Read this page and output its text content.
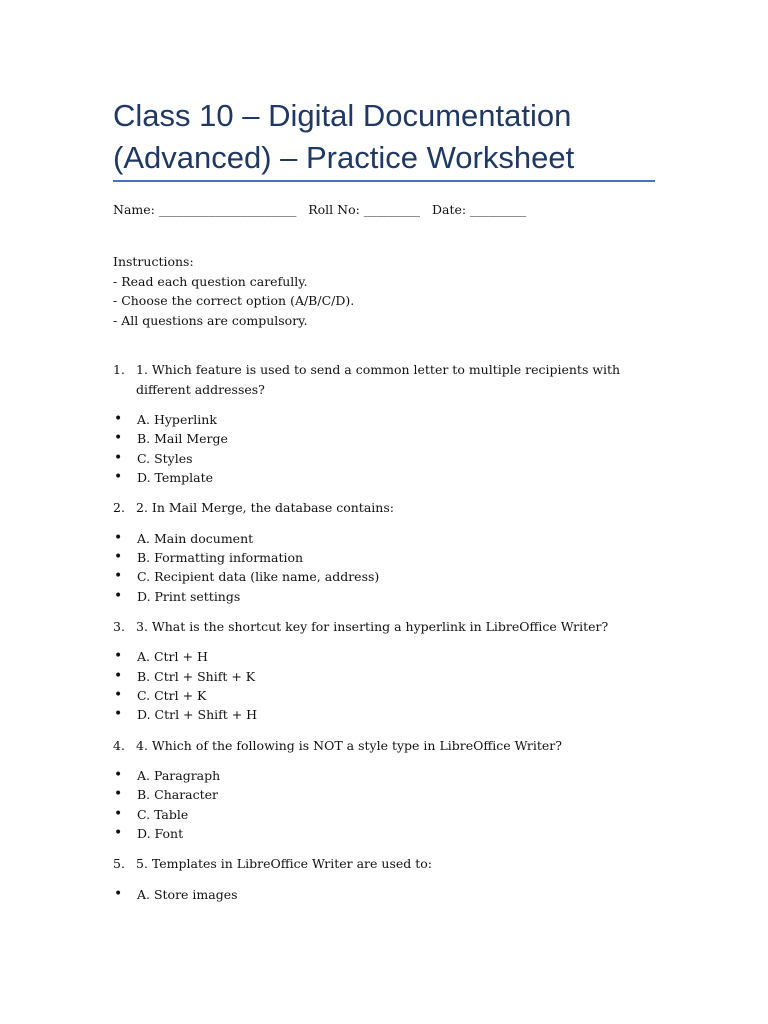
Class 10 – Digital Documentation
(Advanced) – Practice Worksheet
Name: ______________________   Roll No: _________   Date: _________
Instructions:
- Read each question carefully.
- Choose the correct option (A/B/C/D).
- All questions are compulsory.
1. 1. Which feature is used to send a common letter to multiple recipients with different addresses?
•	A. Hyperlink
•	B. Mail Merge
•	C. Styles
•	D. Template
2. 2. In Mail Merge, the database contains:
•	A. Main document
•	B. Formatting information
•	C. Recipient data (like name, address)
•	D. Print settings
3. 3. What is the shortcut key for inserting a hyperlink in LibreOffice Writer?
•	A. Ctrl + H
•	B. Ctrl + Shift + K
•	C. Ctrl + K
•	D. Ctrl + Shift + H
4. 4. Which of the following is NOT a style type in LibreOffice Writer?
•	A. Paragraph
•	B. Character
•	C. Table
•	D. Font
5. 5. Templates in LibreOffice Writer are used to:
•	A. Store images
